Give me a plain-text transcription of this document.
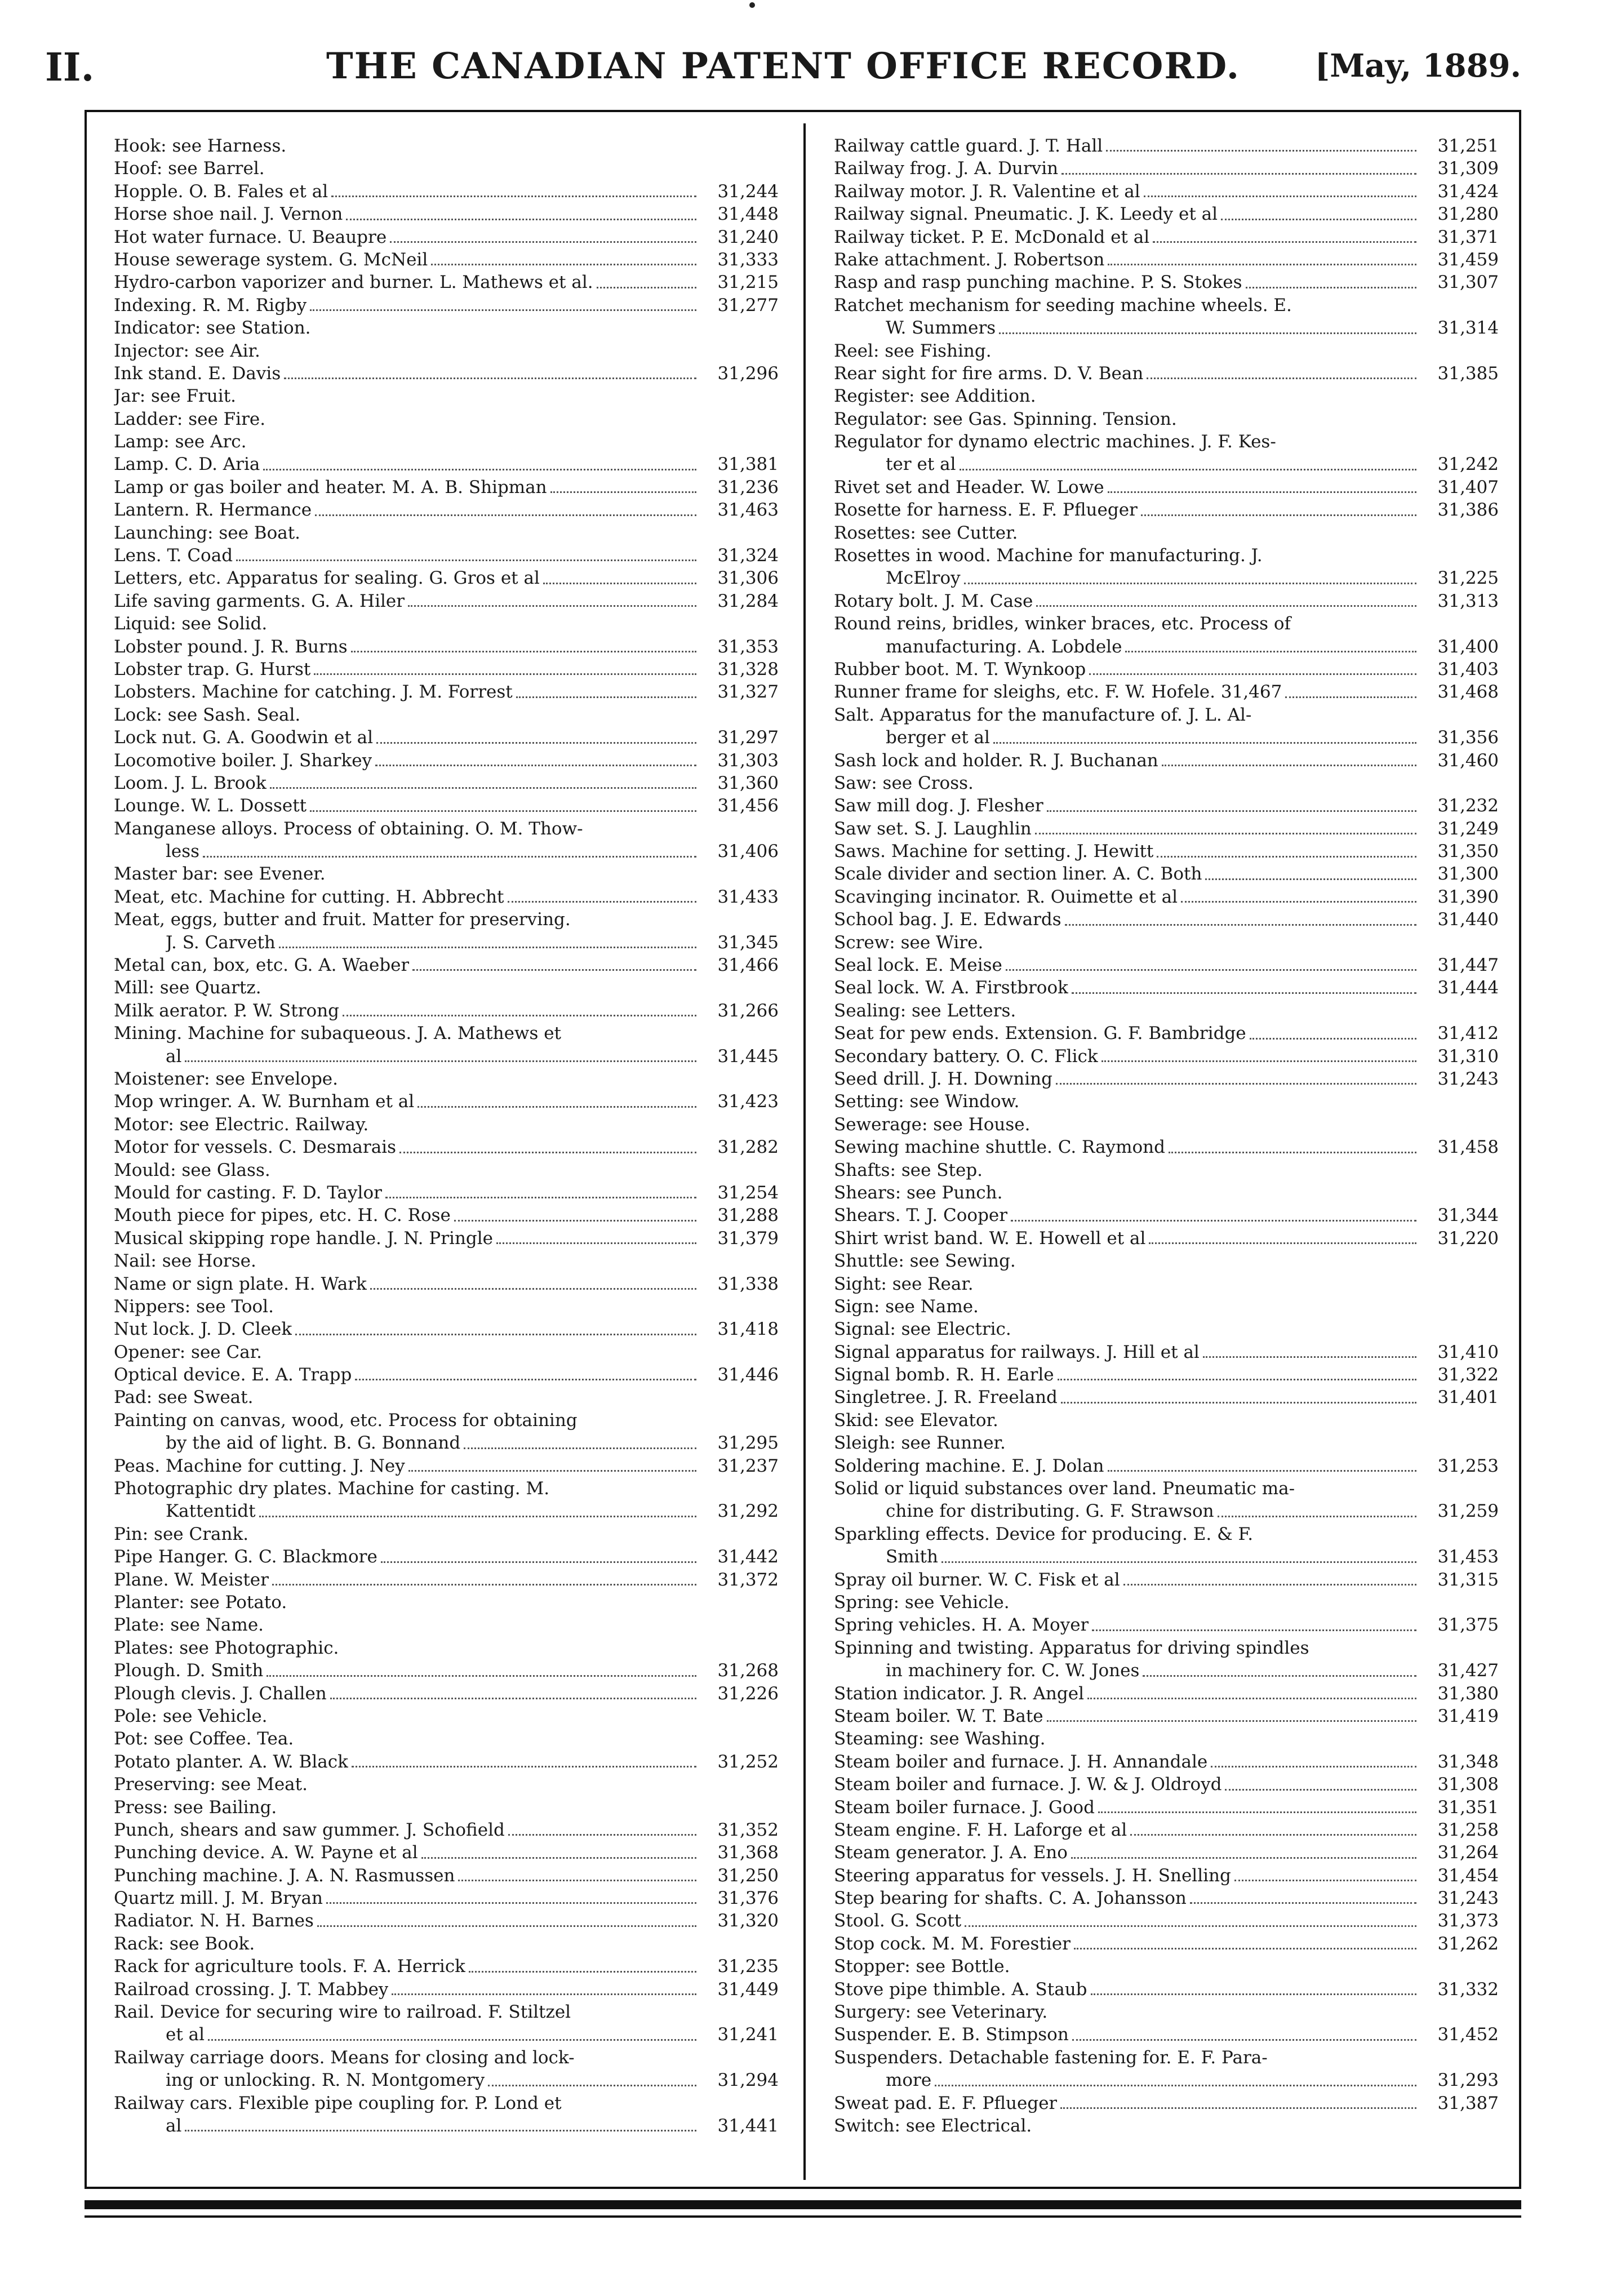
II.	THE CANADIAN PATENT OFFICE RECORD.	[May, 1889.
Hook: see Harness.
Hoof: see Barrel.
Hopple. O. B. Fales et al	31,244
Horse shoe nail. J. Vernon	31,448
Hot water furnace. U. Beaupre	31,240
House sewerage system. G. McNeil	31,333
Hydro-carbon vaporizer and burner. L. Mathews et al.	31,215
Indexing. R. M. Rigby	31,277
Indicator: see Station.
Injector: see Air.
Ink stand. E. Davis	31,296
Jar: see Fruit.
Ladder: see Fire.
Lamp: see Arc.
Lamp. C. D. Aria	31,381
Lamp or gas boiler and heater. M. A. B. Shipman	31,236
Lantern. R. Hermance	31,463
Launching: see Boat.
Lens. T. Coad	31,324
Letters, etc. Apparatus for sealing. G. Gros et al	31,306
Life saving garments. G. A. Hiler	31,284
Liquid: see Solid.
Lobster pound. J. R. Burns	31,353
Lobster trap. G. Hurst	31,328
Lobsters. Machine for catching. J. M. Forrest	31,327
Lock: see Sash. Seal.
Lock nut. G. A. Goodwin et al	31,297
Locomotive boiler. J. Sharkey	31,303
Loom. J. L. Brook	31,360
Lounge. W. L. Dossett	31,456
Manganese alloys. Process of obtaining. O. M. Thow-
less	31,406
Master bar: see Evener.
Meat, etc. Machine for cutting. H. Abbrecht	31,433
Meat, eggs, butter and fruit. Matter for preserving.
J. S. Carveth	31,345
Metal can, box, etc. G. A. Waeber	31,466
Mill: see Quartz.
Milk aerator. P. W. Strong	31,266
Mining. Machine for subaqueous. J. A. Mathews et
al	31,445
Moistener: see Envelope.
Mop wringer. A. W. Burnham et al	31,423
Motor: see Electric. Railway.
Motor for vessels. C. Desmarais	31,282
Mould: see Glass.
Mould for casting. F. D. Taylor	31,254
Mouth piece for pipes, etc. H. C. Rose	31,288
Musical skipping rope handle. J. N. Pringle	31,379
Nail: see Horse.
Name or sign plate. H. Wark	31,338
Nippers: see Tool.
Nut lock. J. D. Cleek	31,418
Opener: see Car.
Optical device. E. A. Trapp	31,446
Pad: see Sweat.
Painting on canvas, wood, etc. Process for obtaining
by the aid of light. B. G. Bonnand	31,295
Peas. Machine for cutting. J. Ney	31,237
Photographic dry plates. Machine for casting. M.
Kattentidt	31,292
Pin: see Crank.
Pipe Hanger. G. C. Blackmore	31,442
Plane. W. Meister	31,372
Planter: see Potato.
Plate: see Name.
Plates: see Photographic.
Plough. D. Smith	31,268
Plough clevis. J. Challen	31,226
Pole: see Vehicle.
Pot: see Coffee. Tea.
Potato planter. A. W. Black	31,252
Preserving: see Meat.
Press: see Bailing.
Punch, shears and saw gummer. J. Schofield	31,352
Punching device. A. W. Payne et al	31,368
Punching machine. J. A. N. Rasmussen	31,250
Quartz mill. J. M. Bryan	31,376
Radiator. N. H. Barnes	31,320
Rack: see Book.
Rack for agriculture tools. F. A. Herrick	31,235
Railroad crossing. J. T. Mabbey	31,449
Rail. Device for securing wire to railroad. F. Stiltzel
et al	31,241
Railway carriage doors. Means for closing and lock-
ing or unlocking. R. N. Montgomery	31,294
Railway cars. Flexible pipe coupling for. P. Lond et
al	31,441
Railway cattle guard. J. T. Hall	31,251
Railway frog. J. A. Durvin	31,309
Railway motor. J. R. Valentine et al	31,424
Railway signal. Pneumatic. J. K. Leedy et al	31,280
Railway ticket. P. E. McDonald et al	31,371
Rake attachment. J. Robertson	31,459
Rasp and rasp punching machine. P. S. Stokes	31,307
Ratchet mechanism for seeding machine wheels. E.
W. Summers	31,314
Reel: see Fishing.
Rear sight for fire arms. D. V. Bean	31,385
Register: see Addition.
Regulator: see Gas. Spinning. Tension.
Regulator for dynamo electric machines. J. F. Kes-
ter et al	31,242
Rivet set and Header. W. Lowe	31,407
Rosette for harness. E. F. Pflueger	31,386
Rosettes: see Cutter.
Rosettes in wood. Machine for manufacturing. J.
McElroy	31,225
Rotary bolt. J. M. Case	31,313
Round reins, bridles, winker braces, etc. Process of
manufacturing. A. Lobdele	31,400
Rubber boot. M. T. Wynkoop	31,403
Runner frame for sleighs, etc. F. W. Hofele. 31,467	31,468
Salt. Apparatus for the manufacture of. J. L. Al-
berger et al	31,356
Sash lock and holder. R. J. Buchanan	31,460
Saw: see Cross.
Saw mill dog. J. Flesher	31,232
Saw set. S. J. Laughlin	31,249
Saws. Machine for setting. J. Hewitt	31,350
Scale divider and section liner. A. C. Both	31,300
Scavinging incinator. R. Ouimette et al	31,390
School bag. J. E. Edwards	31,440
Screw: see Wire.
Seal lock. E. Meise	31,447
Seal lock. W. A. Firstbrook	31,444
Sealing: see Letters.
Seat for pew ends. Extension. G. F. Bambridge	31,412
Secondary battery. O. C. Flick	31,310
Seed drill. J. H. Downing	31,243
Setting: see Window.
Sewerage: see House.
Sewing machine shuttle. C. Raymond	31,458
Shafts: see Step.
Shears: see Punch.
Shears. T. J. Cooper	31,344
Shirt wrist band. W. E. Howell et al	31,220
Shuttle: see Sewing.
Sight: see Rear.
Sign: see Name.
Signal: see Electric.
Signal apparatus for railways. J. Hill et al	31,410
Signal bomb. R. H. Earle	31,322
Singletree. J. R. Freeland	31,401
Skid: see Elevator.
Sleigh: see Runner.
Soldering machine. E. J. Dolan	31,253
Solid or liquid substances over land. Pneumatic ma-
chine for distributing. G. F. Strawson	31,259
Sparkling effects. Device for producing. E. & F.
Smith	31,453
Spray oil burner. W. C. Fisk et al	31,315
Spring: see Vehicle.
Spring vehicles. H. A. Moyer	31,375
Spinning and twisting. Apparatus for driving spindles
in machinery for. C. W. Jones	31,427
Station indicator. J. R. Angel	31,380
Steam boiler. W. T. Bate	31,419
Steaming: see Washing.
Steam boiler and furnace. J. H. Annandale	31,348
Steam boiler and furnace. J. W. & J. Oldroyd	31,308
Steam boiler furnace. J. Good	31,351
Steam engine. F. H. Laforge et al	31,258
Steam generator. J. A. Eno	31,264
Steering apparatus for vessels. J. H. Snelling	31,454
Step bearing for shafts. C. A. Johansson	31,243
Stool. G. Scott	31,373
Stop cock. M. M. Forestier	31,262
Stopper: see Bottle.
Stove pipe thimble. A. Staub	31,332
Surgery: see Veterinary.
Suspender. E. B. Stimpson	31,452
Suspenders. Detachable fastening for. E. F. Para-
more	31,293
Sweat pad. E. F. Pflueger	31,387
Switch: see Electrical.
